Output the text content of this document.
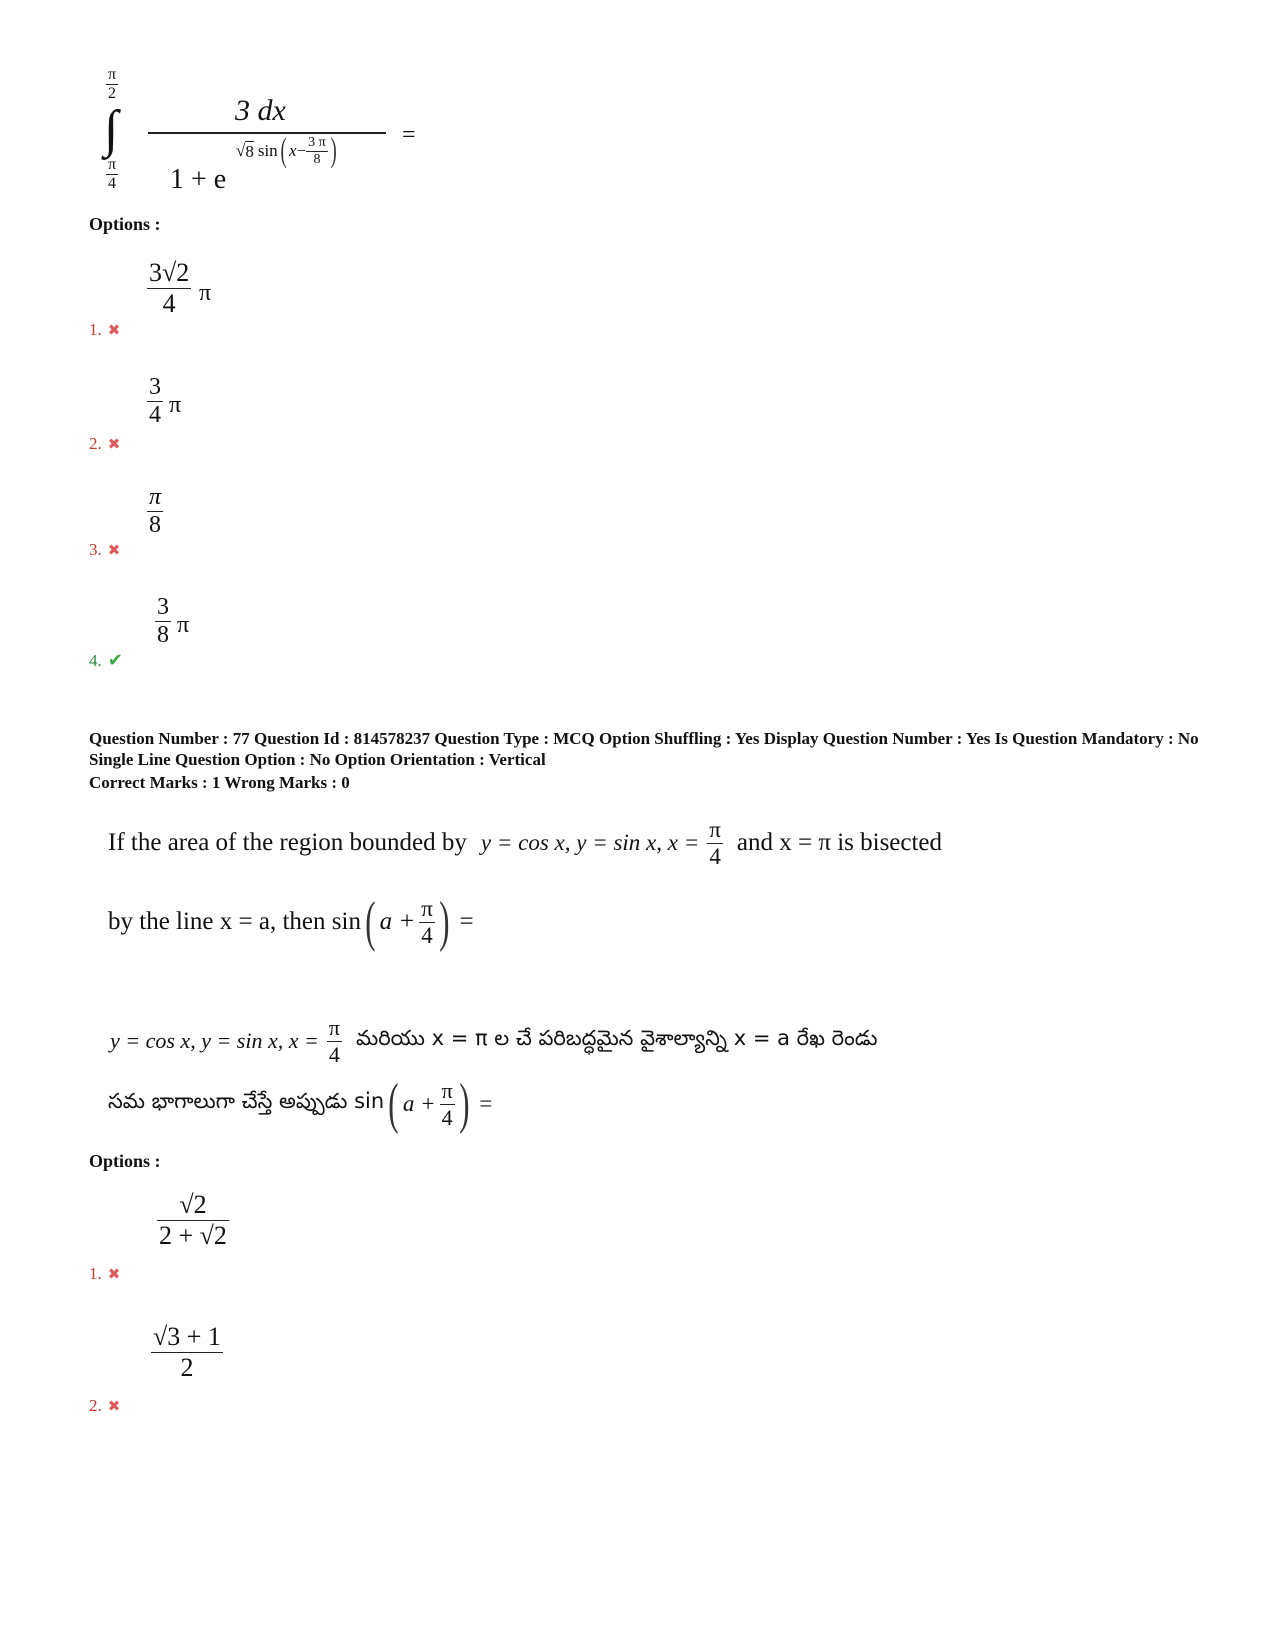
π
2
∫
π
4
3 dx
1 + e
√ 8 sin ( $x - \frac{3 \pi}{8}$ )	=
Options :
3√2
4 π
1. ✖
3
4 π
2. ✖
π
8
3. ✖
3
8 π
4. ✔
Question Number : 77 Question Id : 814578237 Question Type : MCQ Option Shuffling : Yes Display Question Number : Yes Is Question Mandatory : No Single Line Question Option : No Option Orientation : Vertical
Correct Marks : 1 Wrong Marks : 0
If the area of the region bounded by y = cos x, y = sin x, $x = \frac{\pi}{4}$ and x = π is bisected
by the line x = a, then sin ( $a + \frac{\pi}{4}$ ) =
y = cos x, y = sin x, $x = \frac{\pi}{4}$ మరియు x = π ల చే పరిబద్ధమైన వైశాల్యాన్ని x = a రేఖ రెండు
సమ భాగాలుగా చేస్తే అప్పుడు sin ( $a + \frac{\pi}{4}$ ) =
Options :
√2
2 + √2
1. ✖
√3 + 1
2
2. ✖
